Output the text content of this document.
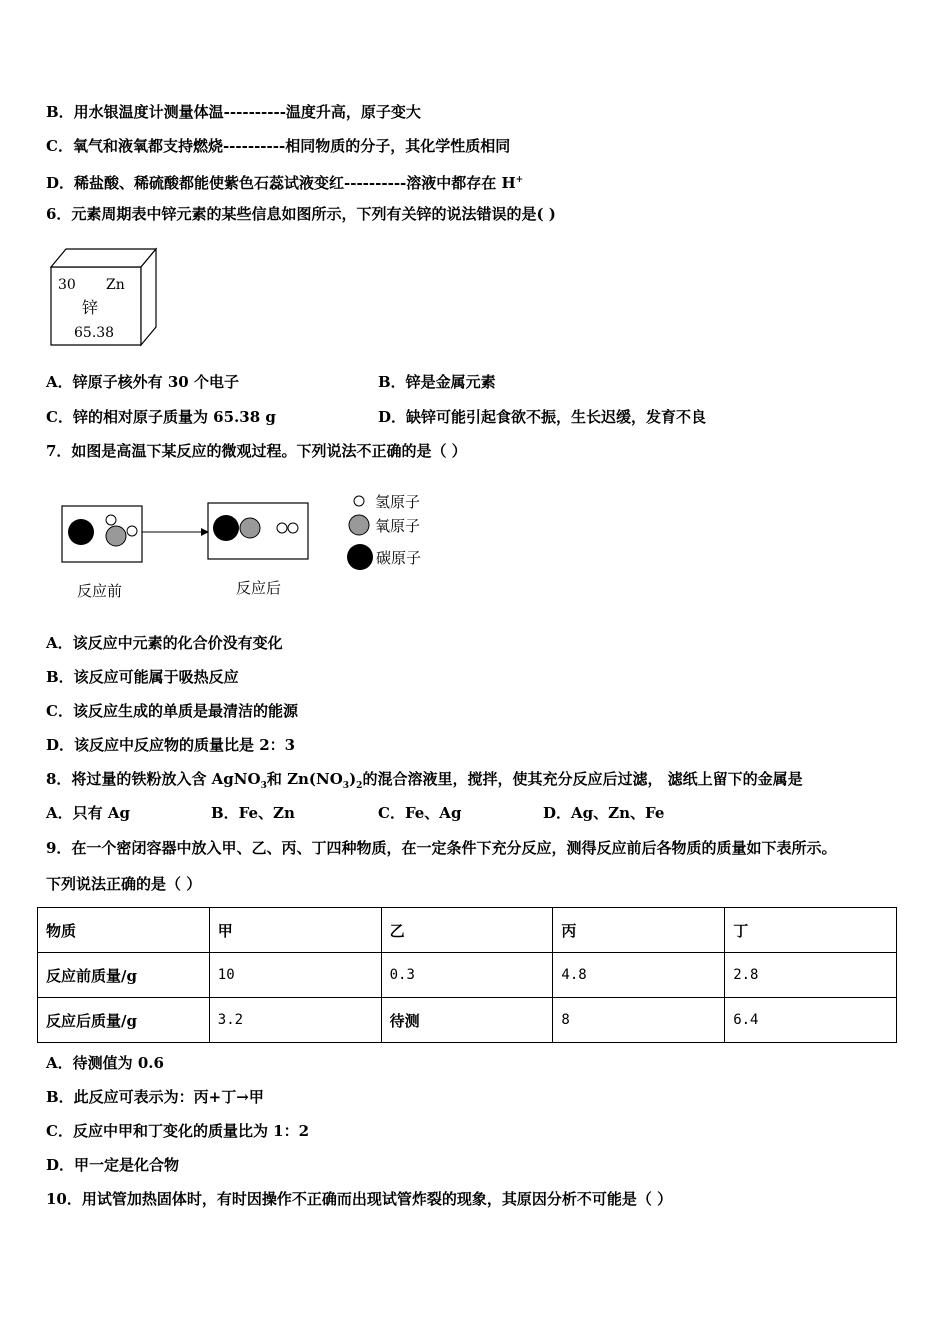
B．用水银温度计测量体温----------温度升高，原子变大
C．氧气和液氧都支持燃烧----------相同物质的分子，其化学性质相同
D．稀盐酸、稀硫酸都能使紫色石蕊试液变红----------溶液中都存在 H+
6．元素周期表中锌元素的某些信息如图所示，下列有关锌的说法错误的是( )
30 Zn
锌
65.38
A．锌原子核外有 30 个电子	B．锌是金属元素
C．锌的相对原子质量为 65.38 g	D．缺锌可能引起食欲不振，生长迟缓，发育不良
7．如图是高温下某反应的微观过程。下列说法不正确的是（ ）
反应前	反应后
氢原子
氧原子
碳原子
A．该反应中元素的化合价没有变化
B．该反应可能属于吸热反应
C．该反应生成的单质是最清洁的能源
D．该反应中反应物的质量比是 2：3
8．将过量的铁粉放入含 AgNO$_3$和 $Zn(NO_3)_2$的混合溶液里，搅拌，使其充分反应后过滤， 滤纸上留下的金属是
A．只有 Ag	B．Fe、Zn	C．Fe、Ag	D．Ag、Zn、Fe
9．在一个密闭容器中放入甲、乙、丙、丁四种物质，在一定条件下充分反应，测得反应前后各物质的质量如下表所示。
下列说法正确的是（ ）
物质	甲	乙	丙	丁
反应前质量/g	10	0.3	4.8	2.8
反应后质量/g	3.2	待测	8	6.4
A．待测值为 0.6
B．此反应可表示为：丙+丁→甲
C．反应中甲和丁变化的质量比为 1：2
D．甲一定是化合物
10．用试管加热固体时，有时因操作不正确而出现试管炸裂的现象，其原因分析不可能是（ ）
